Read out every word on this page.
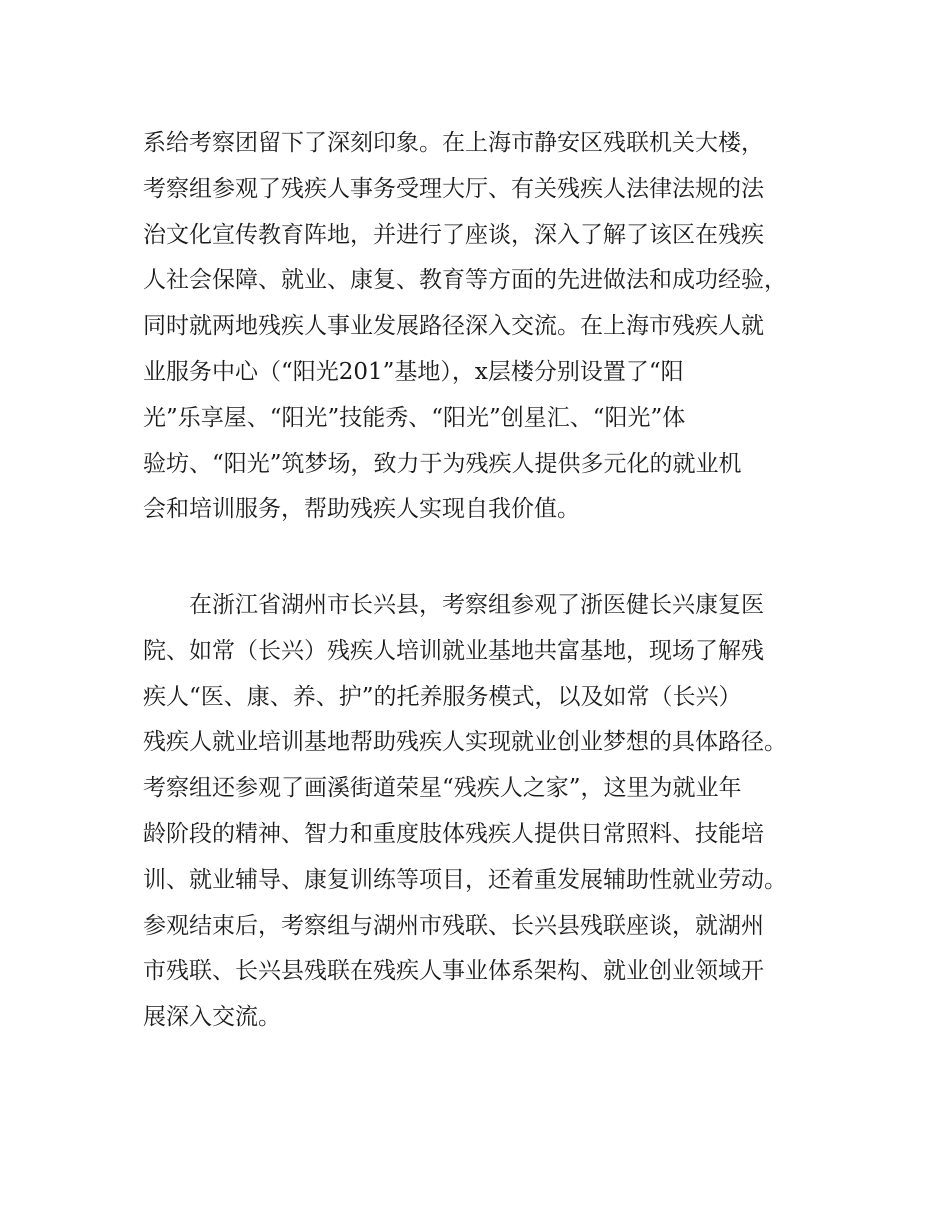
系给考察团留下了深刻印象。在上海市静安区残联机关大楼，
考察组参观了残疾人事务受理大厅、有关残疾人法律法规的法
治文化宣传教育阵地，并进行了座谈，深入了解了该区在残疾
人社会保障、就业、康复、教育等方面的先进做法和成功经验，
同时就两地残疾人事业发展路径深入交流。在上海市残疾人就
业服务中心（“阳光201”基地），x层楼分别设置了“阳
光”乐享屋、“阳光”技能秀、“阳光”创星汇、“阳光”体
验坊、“阳光”筑梦场，致力于为残疾人提供多元化的就业机
会和培训服务，帮助残疾人实现自我价值。
在浙江省湖州市长兴县，考察组参观了浙医健长兴康复医
院、如常（长兴）残疾人培训就业基地共富基地，现场了解残
疾人“医、康、养、护”的托养服务模式，以及如常（长兴）
残疾人就业培训基地帮助残疾人实现就业创业梦想的具体路径。
考察组还参观了画溪街道荣星“残疾人之家”，这里为就业年
龄阶段的精神、智力和重度肢体残疾人提供日常照料、技能培
训、就业辅导、康复训练等项目，还着重发展辅助性就业劳动。
参观结束后，考察组与湖州市残联、长兴县残联座谈，就湖州
市残联、长兴县残联在残疾人事业体系架构、就业创业领域开
展深入交流。
